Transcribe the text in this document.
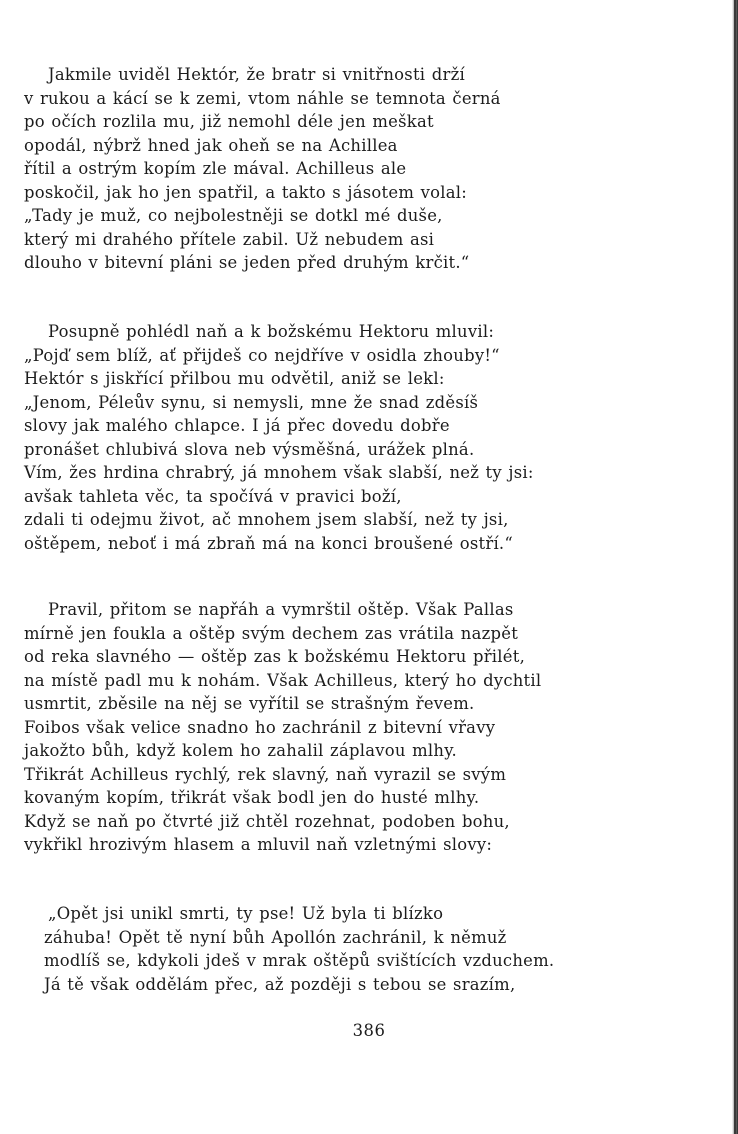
Jakmile uviděl Hektór, že bratr si vnitřnosti drží
v rukou a kácí se k zemi, vtom náhle se temnota černá
po očích rozlila mu, již nemohl déle jen meškat
opodál, nýbrž hned jak oheň se na Achillea
řítil a ostrým kopím zle mával. Achilleus ale
poskočil, jak ho jen spatřil, a takto s jásotem volal:
„Tady je muž, co nejbolestněji se dotkl mé duše,
který mi drahého přítele zabil. Už nebudem asi
dlouho v bitevní pláni se jeden před druhým krčit.“

Posupně pohlédl naň a k božskému Hektoru mluvil:
„Pojď sem blíž, ať přijdeš co nejdříve v osidla zhouby!“
Hektór s jiskřící přilbou mu odvětil, aniž se lekl:
„Jenom, Péleův synu, si nemysli, mne že snad zděsíš
slovy jak malého chlapce. I já přec dovedu dobře
pronášet chlubivá slova neb výsměšná, urážek plná.
Vím, žes hrdina chrabrý, já mnohem však slabší, než ty jsi:
avšak tahleta věc, ta spočívá v pravici boží,
zdali ti odejmu život, ač mnohem jsem slabší, než ty jsi,
oštěpem, neboť i má zbraň má na konci broušené ostří.“

Pravil, přitom se napřáh a vymrštil oštěp. Však Pallas
mírně jen foukla a oštěp svým dechem zas vrátila nazpět
od reka slavného — oštěp zas k božskému Hektoru přilét,
na místě padl mu k nohám. Však Achilleus, který ho dychtil
usmrtit, zběsile na něj se vyřítil se strašným řevem.
Foibos však velice snadno ho zachránil z bitevní vřavy
jakožto bůh, když kolem ho zahalil záplavou mlhy.
Třikrát Achilleus rychlý, rek slavný, naň vyrazil se svým
kovaným kopím, třikrát však bodl jen do husté mlhy.
Když se naň po čtvrté již chtěl rozehnat, podoben bohu,
vykřikl hrozivým hlasem a mluvil naň vzletnými slovy:

„Opět jsi unikl smrti, ty pse! Už byla ti blízko
záhuba! Opět tě nyní bůh Apollón zachránil, k němuž
modlíš se, kdykoli jdeš v mrak oštěpů svištících vzduchem.
Já tě však oddělám přec, až později s tebou se srazím,

386
